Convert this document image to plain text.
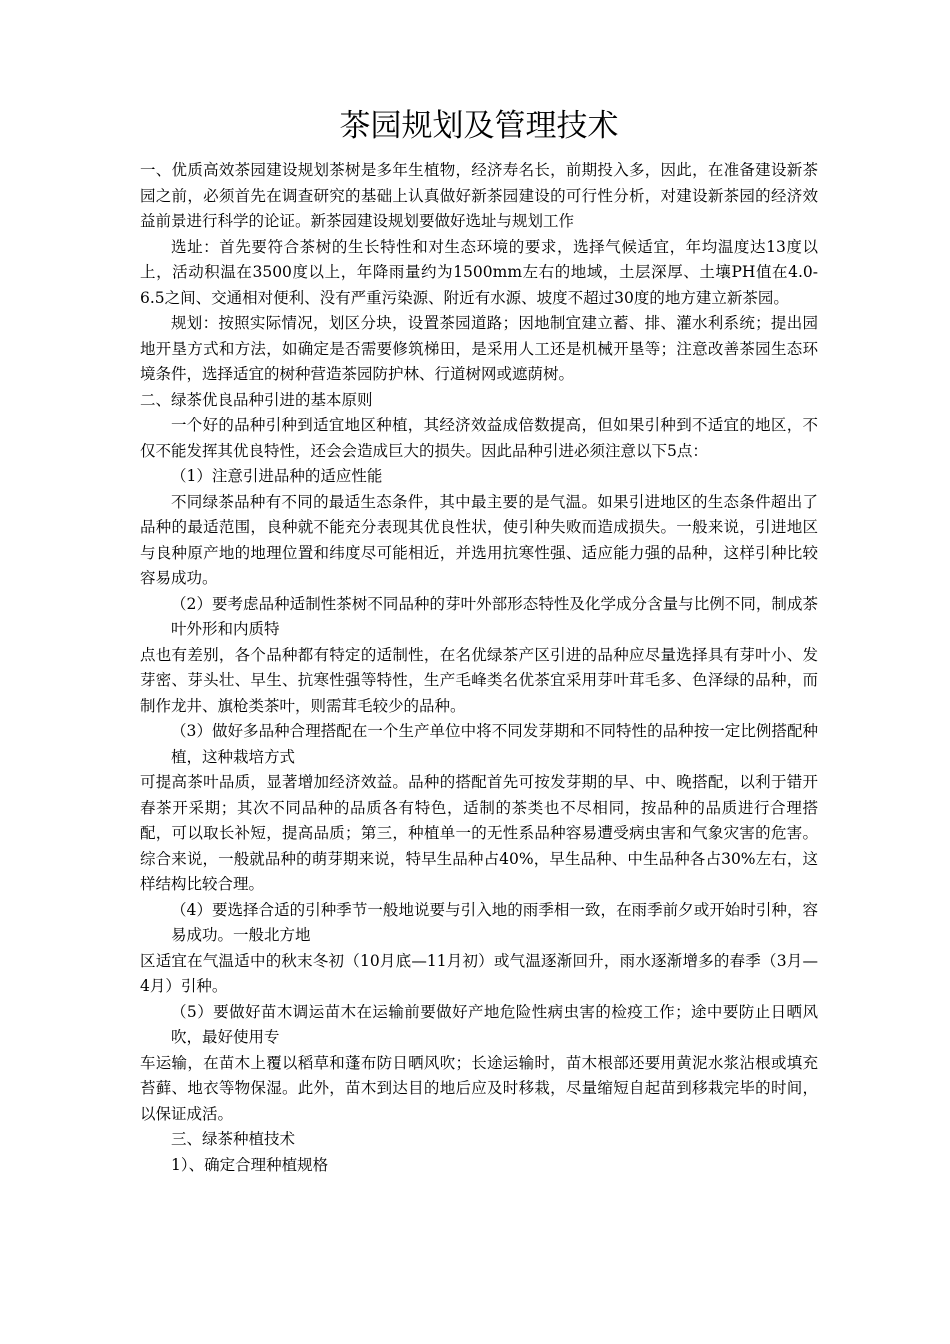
茶园规划及管理技术

一、优质高效茶园建设规划茶树是多年生植物，经济寿名长，前期投入多，因此，在准备建设新茶园之前，必须首先在调查研究的基础上认真做好新茶园建设的可行性分析，对建设新茶园的经济效益前景进行科学的论证。新茶园建设规划要做好选址与规划工作

选址：首先要符合茶树的生长特性和对生态环境的要求，选择气候适宜，年均温度达13度以上，活动积温在3500度以上，年降雨量约为1500mm左右的地域，土层深厚、土壤PH值在4.0-6.5之间、交通相对便利、没有严重污染源、附近有水源、坡度不超过30度的地方建立新茶园。

规划：按照实际情况，划区分块，设置茶园道路；因地制宜建立蓄、排、灌水利系统；提出园地开垦方式和方法，如确定是否需要修筑梯田，是采用人工还是机械开垦等；注意改善茶园生态环境条件，选择适宜的树种营造茶园防护林、行道树网或遮荫树。

二、绿茶优良品种引进的基本原则

一个好的品种引种到适宜地区种植，其经济效益成倍数提高，但如果引种到不适宜的地区，不仅不能发挥其优良特性，还会会造成巨大的损失。因此品种引进必须注意以下5点：

（1）注意引进品种的适应性能

不同绿茶品种有不同的最适生态条件，其中最主要的是气温。如果引进地区的生态条件超出了品种的最适范围，良种就不能充分表现其优良性状，使引种失败而造成损失。一般来说，引进地区与良种原产地的地理位置和纬度尽可能相近，并选用抗寒性强、适应能力强的品种，这样引种比较容易成功。

（2）要考虑品种适制性茶树不同品种的芽叶外部形态特性及化学成分含量与比例不同，制成茶叶外形和内质特

点也有差别，各个品种都有特定的适制性，在名优绿茶产区引进的品种应尽量选择具有芽叶小、发芽密、芽头壮、早生、抗寒性强等特性，生产毛峰类名优茶宜采用芽叶茸毛多、色泽绿的品种，而制作龙井、旗枪类茶叶，则需茸毛较少的品种。

（3）做好多品种合理搭配在一个生产单位中将不同发芽期和不同特性的品种按一定比例搭配种植，这种栽培方式

可提高茶叶品质，显著增加经济效益。品种的搭配首先可按发芽期的早、中、晚搭配，以利于错开春茶开采期；其次不同品种的品质各有特色，适制的茶类也不尽相同，按品种的品质进行合理搭配，可以取长补短，提高品质；第三，种植单一的无性系品种容易遭受病虫害和气象灾害的危害。综合来说，一般就品种的萌芽期来说，特早生品种占40%，早生品种、中生品种各占30%左右，这样结构比较合理。

（4）要选择合适的引种季节一般地说要与引入地的雨季相一致，在雨季前夕或开始时引种，容易成功。一般北方地

区适宜在气温适中的秋末冬初（10月底—11月初）或气温逐渐回升，雨水逐渐增多的春季（3月—4月）引种。

（5）要做好苗木调运苗木在运输前要做好产地危险性病虫害的检疫工作；途中要防止日晒风吹，最好使用专

车运输，在苗木上覆以稻草和蓬布防日晒风吹；长途运输时，苗木根部还要用黄泥水浆沾根或填充苔藓、地衣等物保湿。此外，苗木到达目的地后应及时移栽，尽量缩短自起苗到移栽完毕的时间，以保证成活。

三、绿茶种植技术

1）、确定合理种植规格
